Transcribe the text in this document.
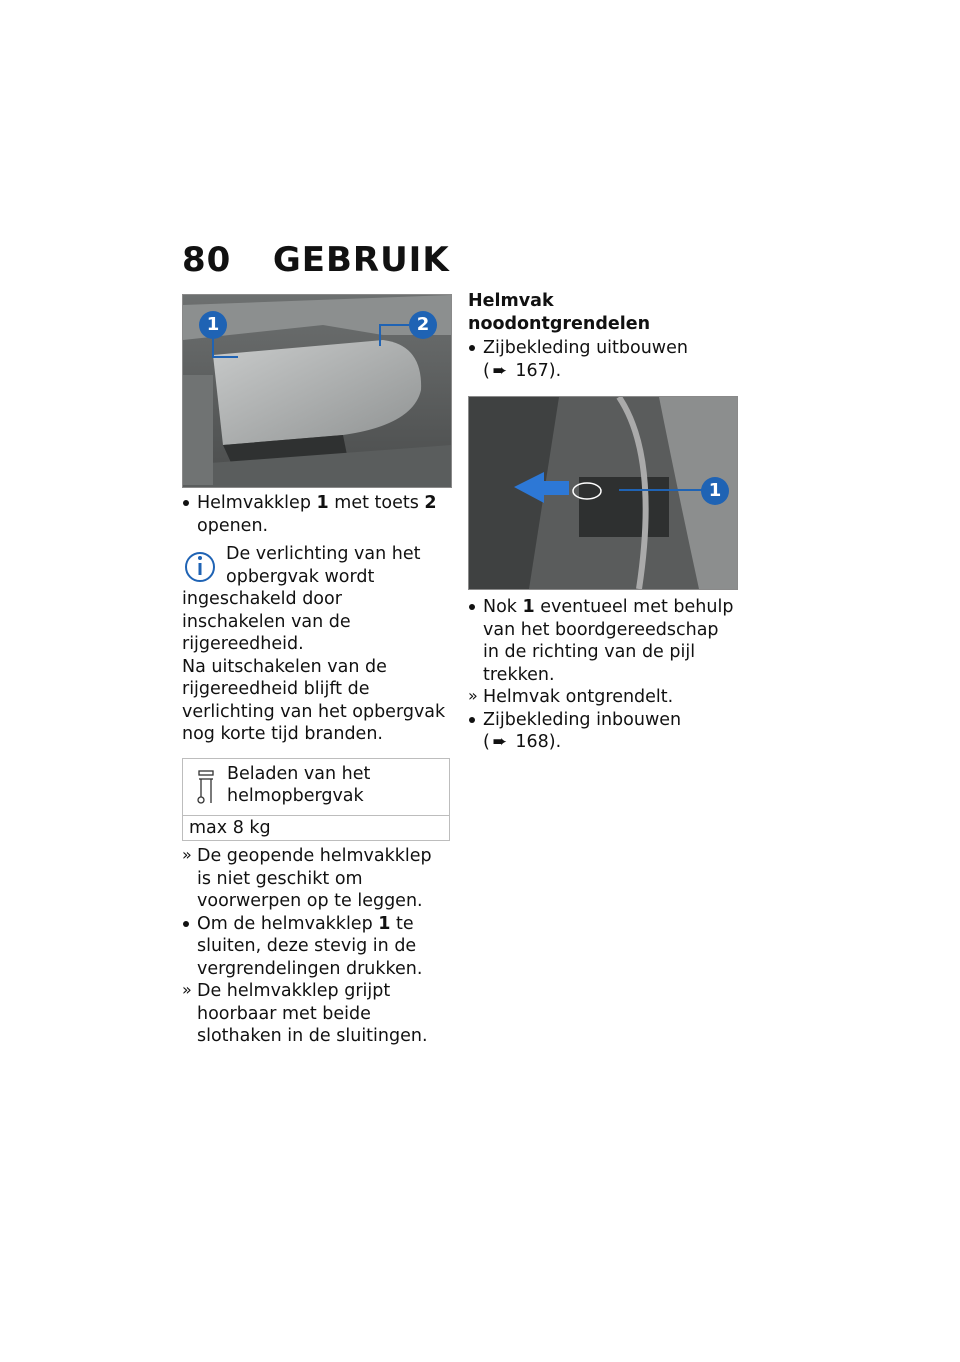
80 GEBRUIK
1	2

Helmvakklep 1 met toets 2 openen.

De verlichting van het opbergvak wordt ingeschakeld door inschakelen van de rijgereedheid.
Na uitschakelen van de rijgereedheid blijft de verlichting van het opbergvak nog korte tijd branden.
Beladen van het helmopbergvak
max 8 kg

» De geopende helmvakklep is niet geschikt om voorwerpen op te leggen.

Om de helmvakklep 1 te sluiten, deze stevig in de vergrendelingen drukken.

» De helmvakklep grijpt hoorbaar met beide slothaken in de sluitingen.

Helmvak noodontgrendelen

Zijbekleding uitbouwen
( ➨ 167).

1

Nok 1 eventueel met behulp van het boordgereedschap in de richting van de pijl trekken.

» Helmvak ontgrendelt.

Zijbekleding inbouwen
( ➨ 168).
